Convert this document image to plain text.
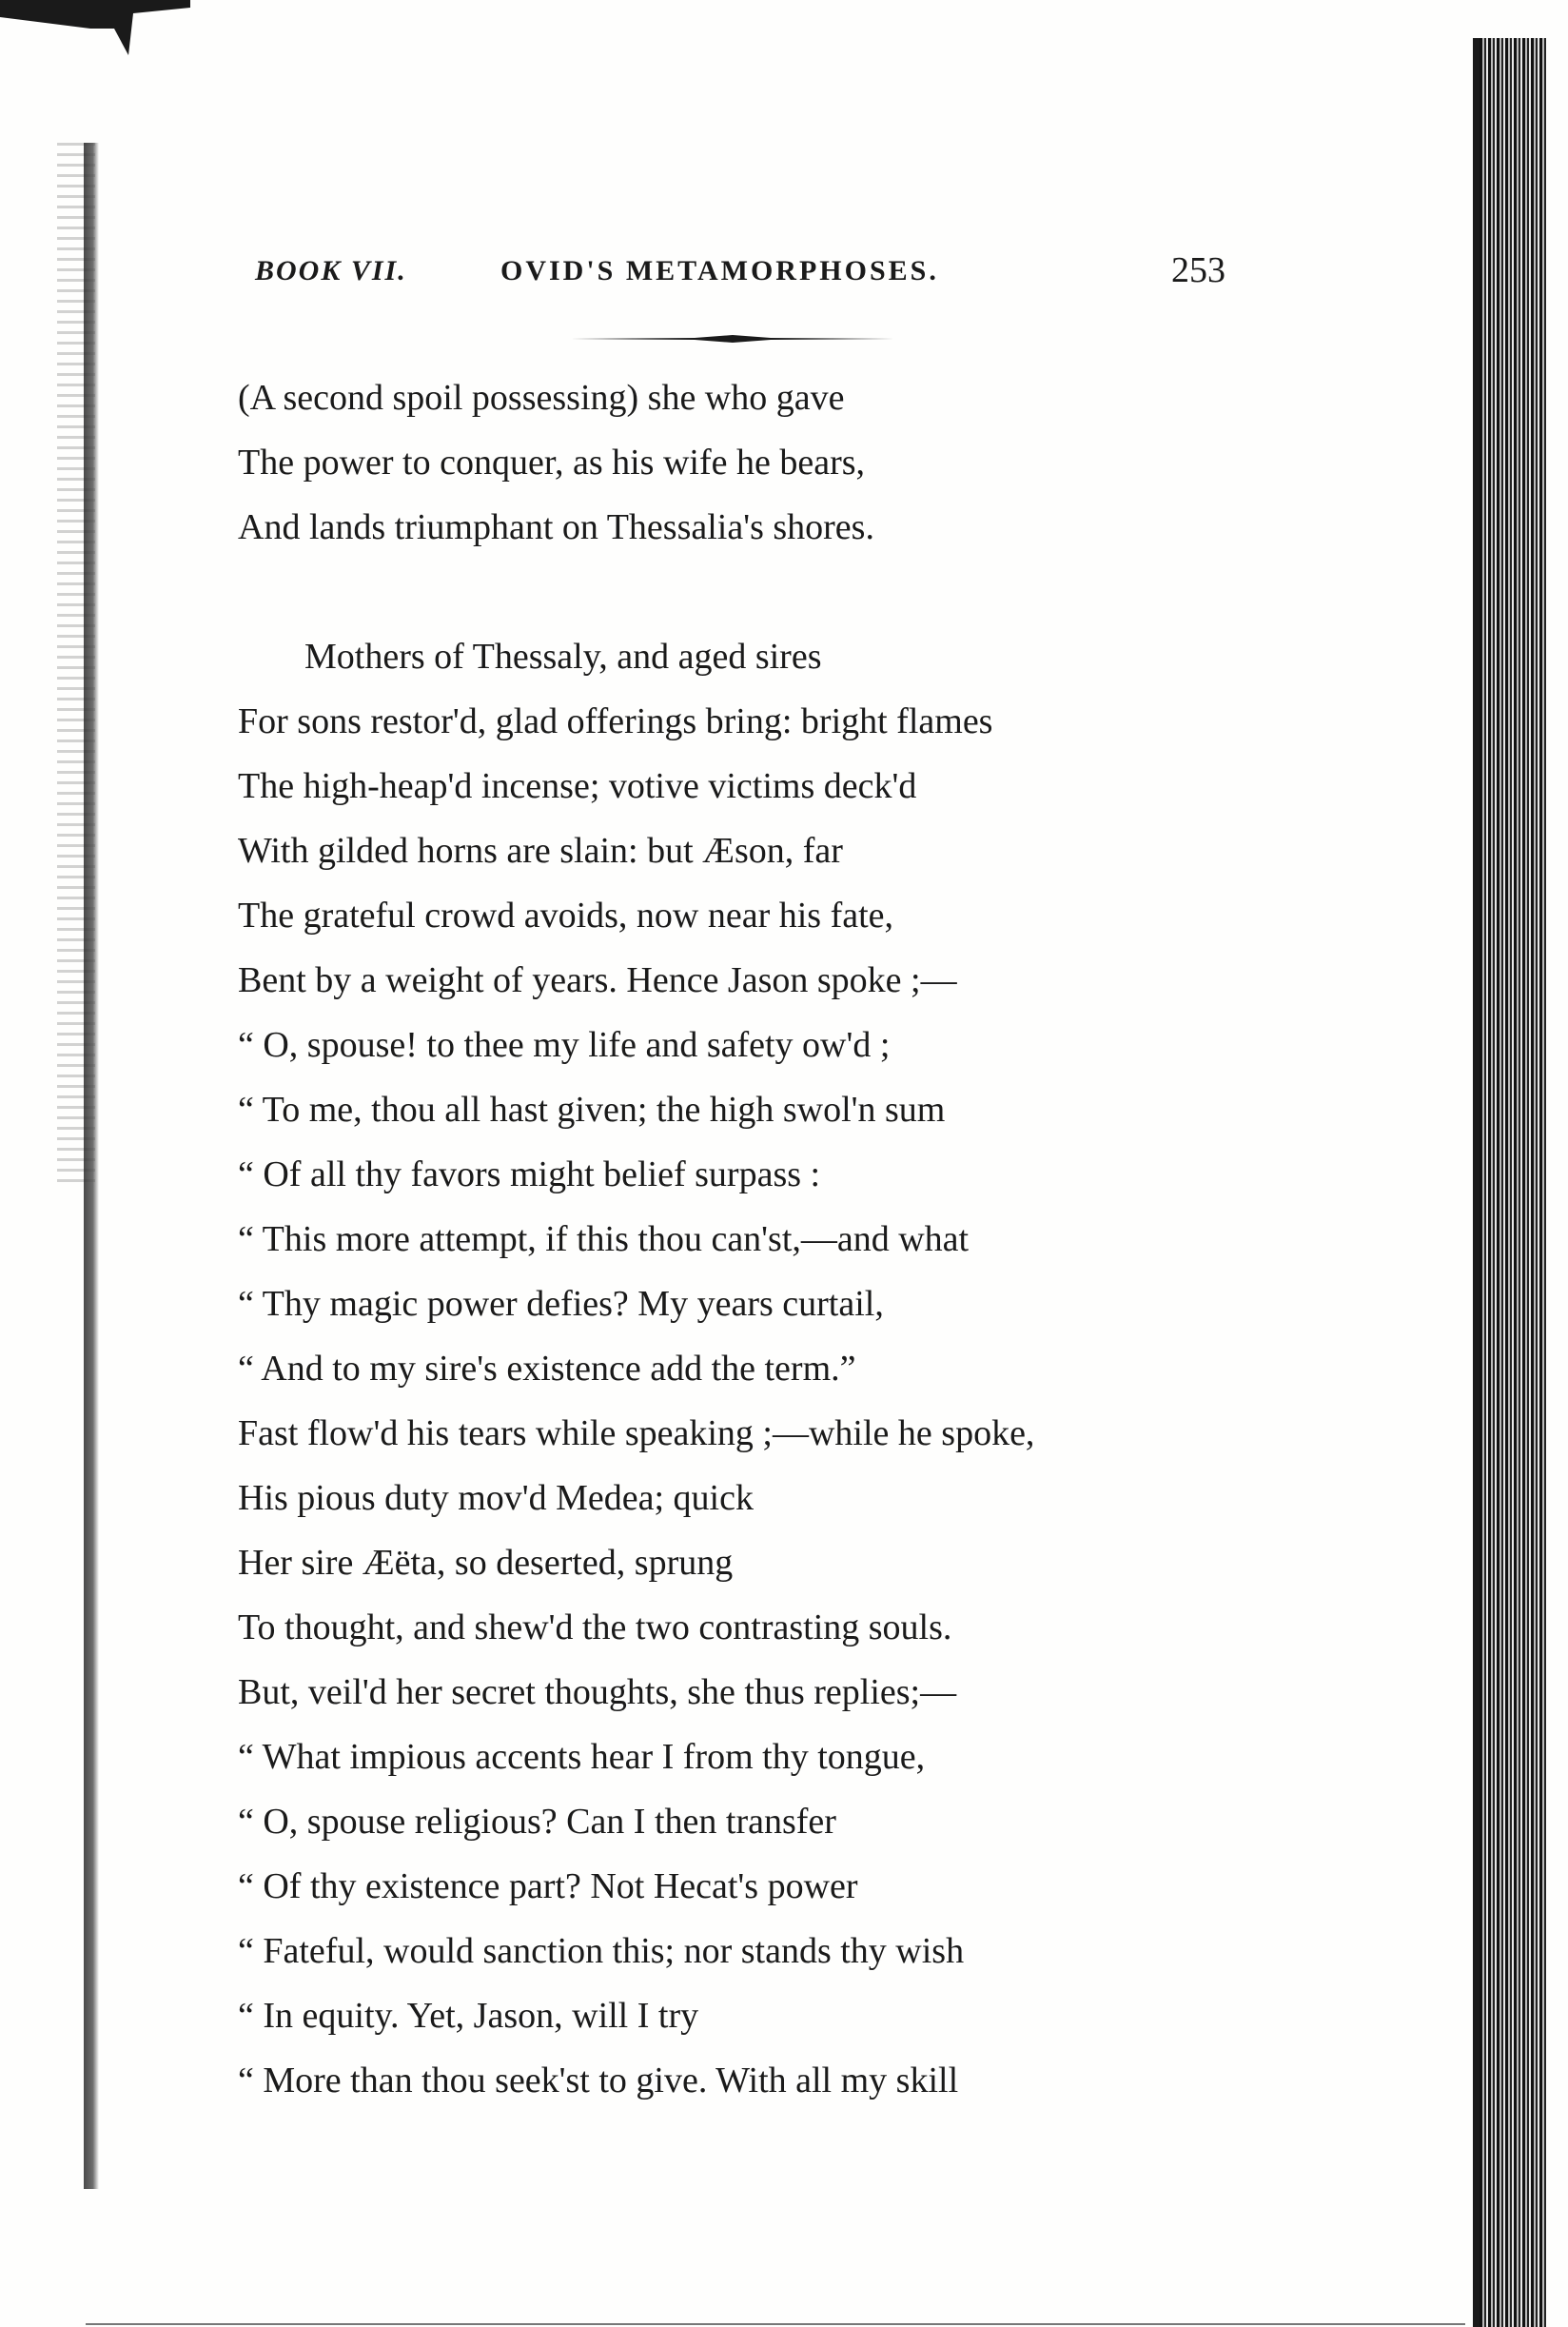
BOOK VII.	OVID'S METAMORPHOSES.	253
(A second spoil possessing) she who gave
The power to conquer, as his wife he bears,
And lands triumphant on Thessalia's shores.
Mothers of Thessaly, and aged sires
For sons restor'd, glad offerings bring: bright flames
The high-heap'd incense; votive victims deck'd
With gilded horns are slain: but Æson, far
The grateful crowd avoids, now near his fate,
Bent by a weight of years. Hence Jason spoke ;—
“ O, spouse! to thee my life and safety ow'd ;
“ To me, thou all hast given; the high swol'n sum
“ Of all thy favors might belief surpass :
“ This more attempt, if this thou can'st,—and what
“ Thy magic power defies? My years curtail,
“ And to my sire's existence add the term.”
Fast flow'd his tears while speaking ;—while he spoke,
His pious duty mov'd Medea; quick
Her sire Æëta, so deserted, sprung
To thought, and shew'd the two contrasting souls.
But, veil'd her secret thoughts, she thus replies;—
“ What impious accents hear I from thy tongue,
“ O, spouse religious? Can I then transfer
“ Of thy existence part? Not Hecat's power
“ Fateful, would sanction this; nor stands thy wish
“ In equity. Yet, Jason, will I try
“ More than thou seek'st to give. With all my skill
